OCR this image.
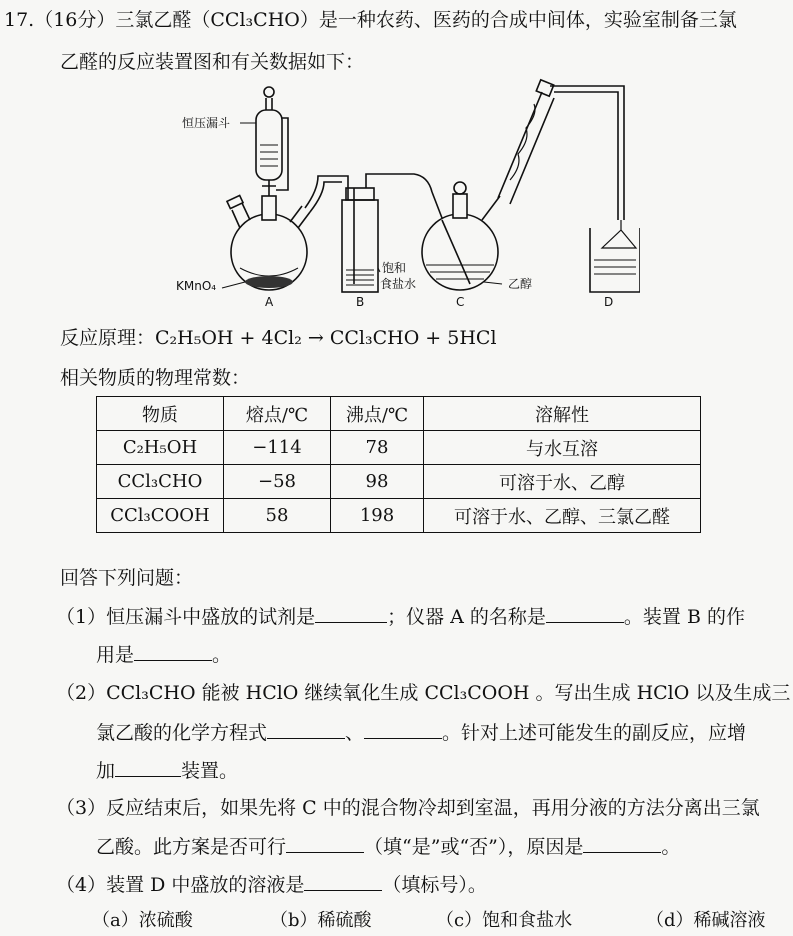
17.（16分）三氯乙醛（CCl₃CHO）是一种农药、医药的合成中间体，实验室制备三氯
乙醛的反应装置图和有关数据如下：
恒压漏斗
KMnO₄
饱和
食盐水	乙醇
A	B	C	D
反应原理：C₂H₅OH + 4Cl₂ → CCl₃CHO + 5HCl
相关物质的物理常数：
物质	熔点/℃	沸点/℃	溶解性
C₂H₅OH	−114	78	与水互溶
CCl₃CHO	−58	98	可溶于水、乙醇
CCl₃COOH	58	198	可溶于水、乙醇、三氯乙醛
回答下列问题：
（1）恒压漏斗中盛放的试剂是	；仪器 A 的名称是	。装置 B 的作
用是	。
（2）CCl₃CHO 能被 HClO 继续氧化生成 CCl₃COOH 。写出生成 HClO 以及生成三
氯乙酸的化学方程式	、	。针对上述可能发生的副反应，应增
加	装置。
（3）反应结束后，如果先将 C 中的混合物冷却到室温，再用分液的方法分离出三氯
乙酸。此方案是否可行	（填“是”或“否”），原因是	。
（4）装置 D 中盛放的溶液是	（填标号）。
（a）浓硫酸	（b）稀硫酸	（c）饱和食盐水	（d）稀碱溶液
